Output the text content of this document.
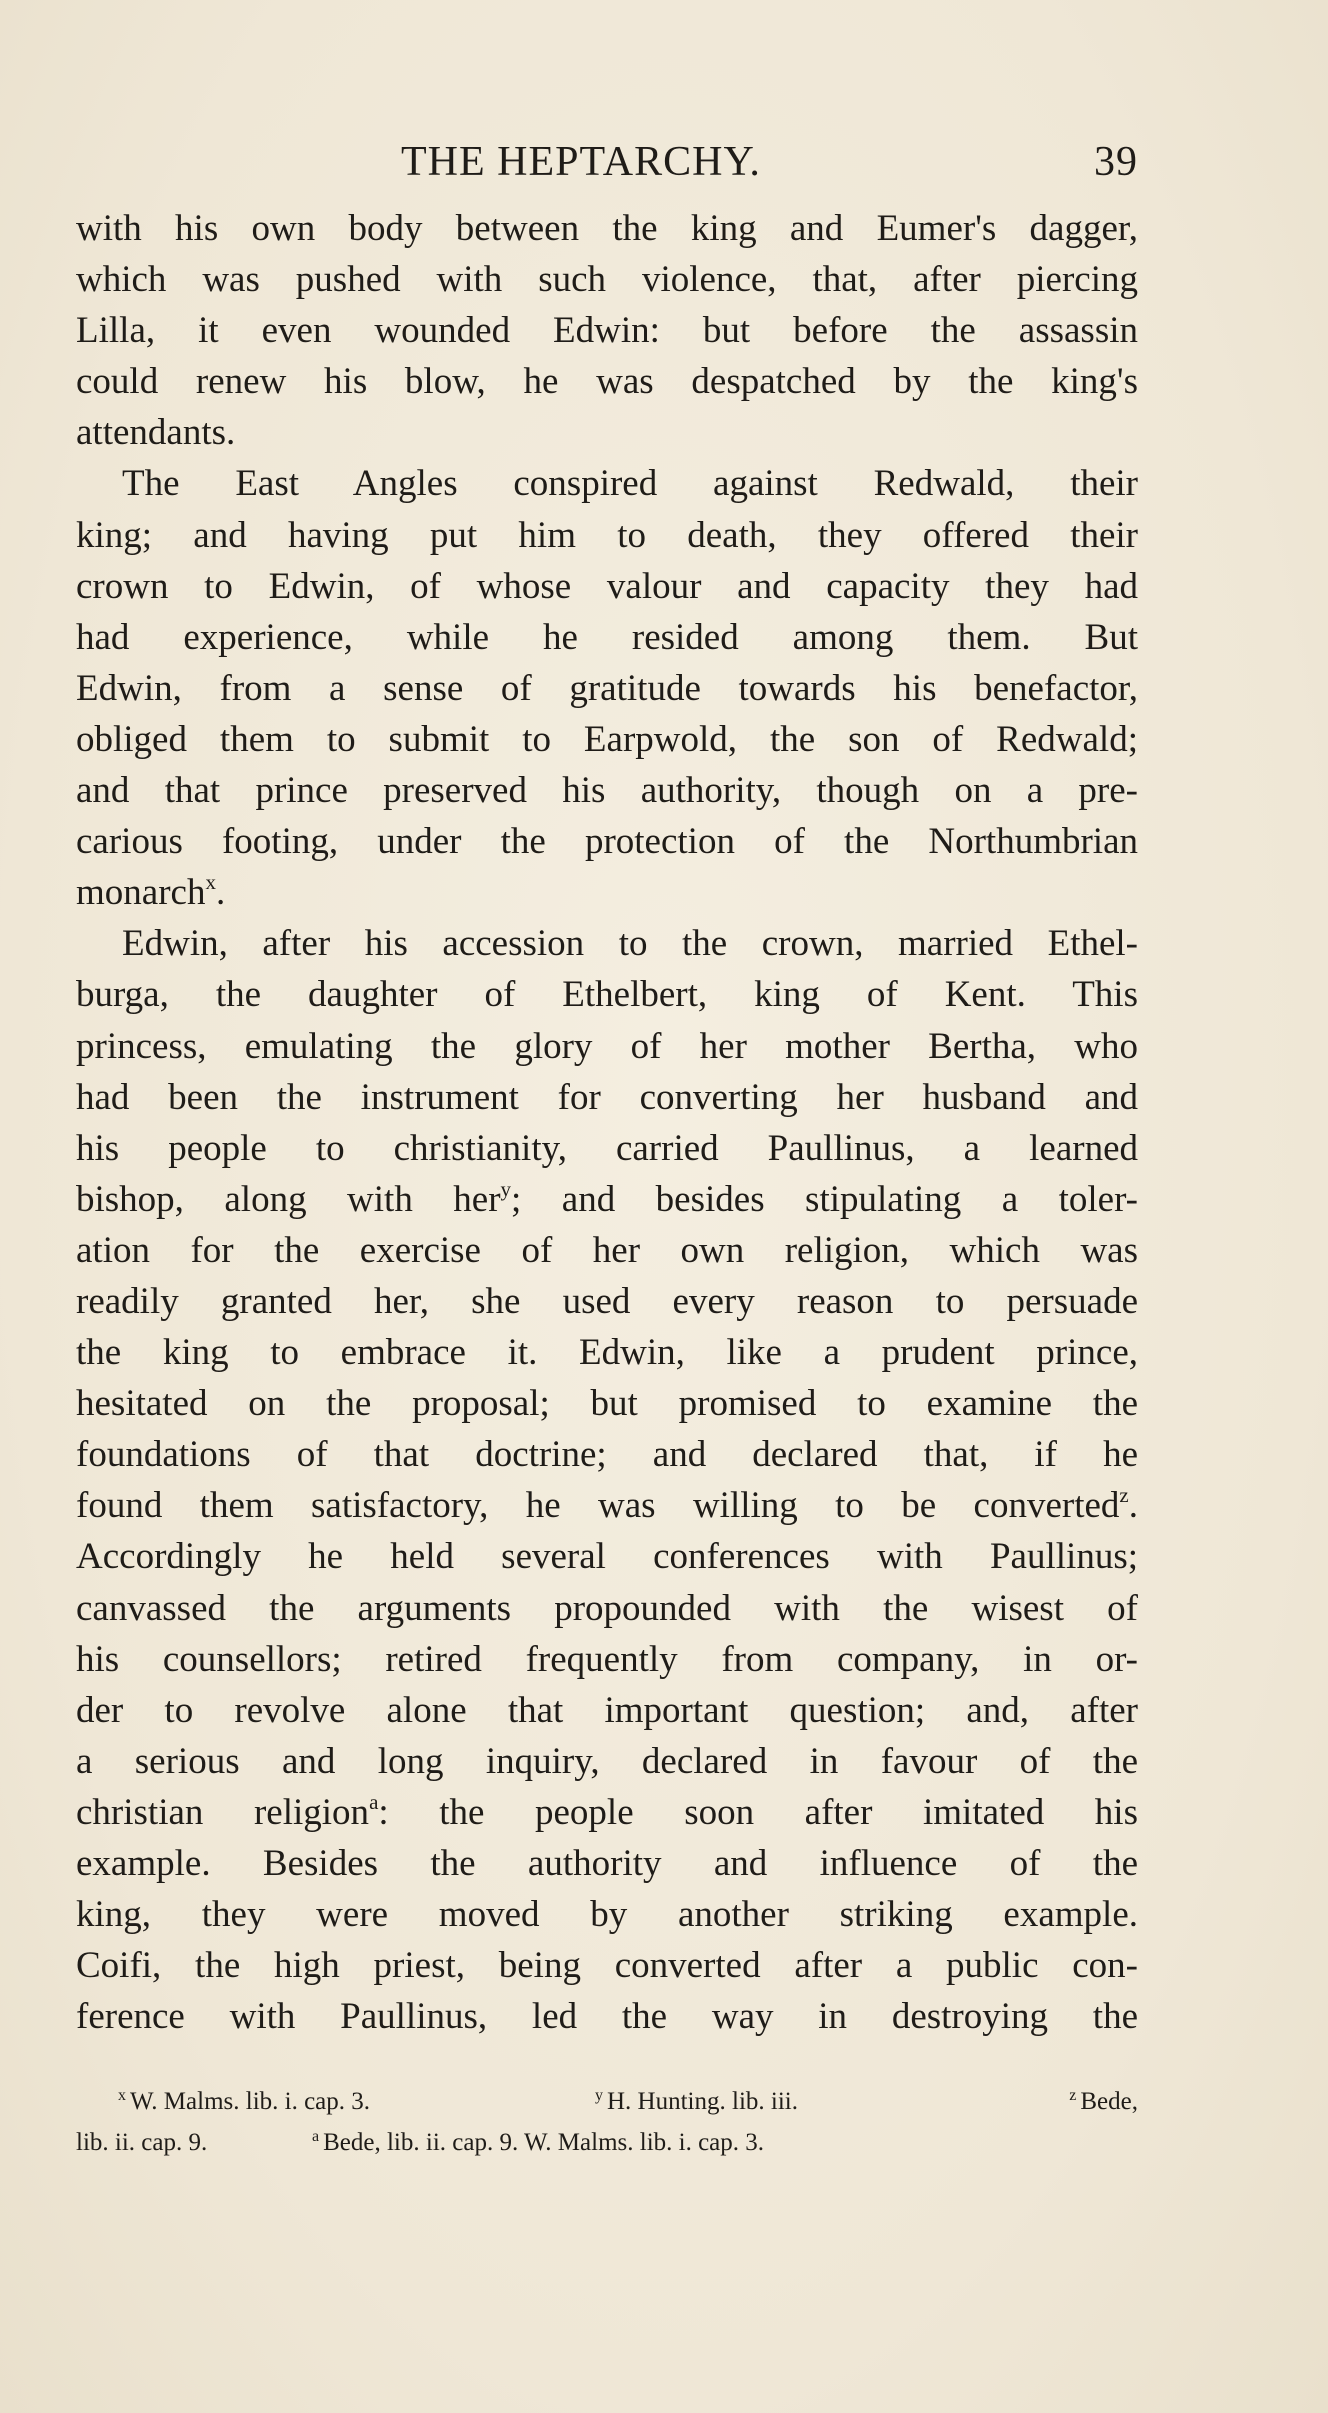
THE HEPTARCHY.	39
with his own body between the king and Eumer's dagger,
which was pushed with such violence, that, after piercing
Lilla, it even wounded Edwin: but before the assassin
could renew his blow, he was despatched by the king's
attendants.
The East Angles conspired against Redwald, their
king; and having put him to death, they offered their
crown to Edwin, of whose valour and capacity they had
had experience, while he resided among them. But
Edwin, from a sense of gratitude towards his benefactor,
obliged them to submit to Earpwold, the son of Redwald;
and that prince preserved his authority, though on a pre-
carious footing, under the protection of the Northumbrian
monarch$^x$.
Edwin, after his accession to the crown, married Ethel-
burga, the daughter of Ethelbert, king of Kent. This
princess, emulating the glory of her mother Bertha, who
had been the instrument for converting her husband and
his people to christianity, carried Paullinus, a learned
bishop, along with her$^y$; and besides stipulating a toler-
ation for the exercise of her own religion, which was
readily granted her, she used every reason to persuade
the king to embrace it. Edwin, like a prudent prince,
hesitated on the proposal; but promised to examine the
foundations of that doctrine; and declared that, if he
found them satisfactory, he was willing to be converted$^z$.
Accordingly he held several conferences with Paullinus;
canvassed the arguments propounded with the wisest of
his counsellors; retired frequently from company, in or-
der to revolve alone that important question; and, after
a serious and long inquiry, declared in favour of the
christian religion$^a$: the people soon after imitated his
example. Besides the authority and influence of the
king, they were moved by another striking example.
Coifi, the high priest, being converted after a public con-
ference with Paullinus, led the way in destroying the
$^x$ W. Malms. lib. i. cap. 3.	$^y$ H. Hunting. lib. iii.	$^z$ Bede,
lib. ii. cap. 9.	$^a$ Bede, lib. ii. cap. 9. W. Malms. lib. i. cap. 3.
